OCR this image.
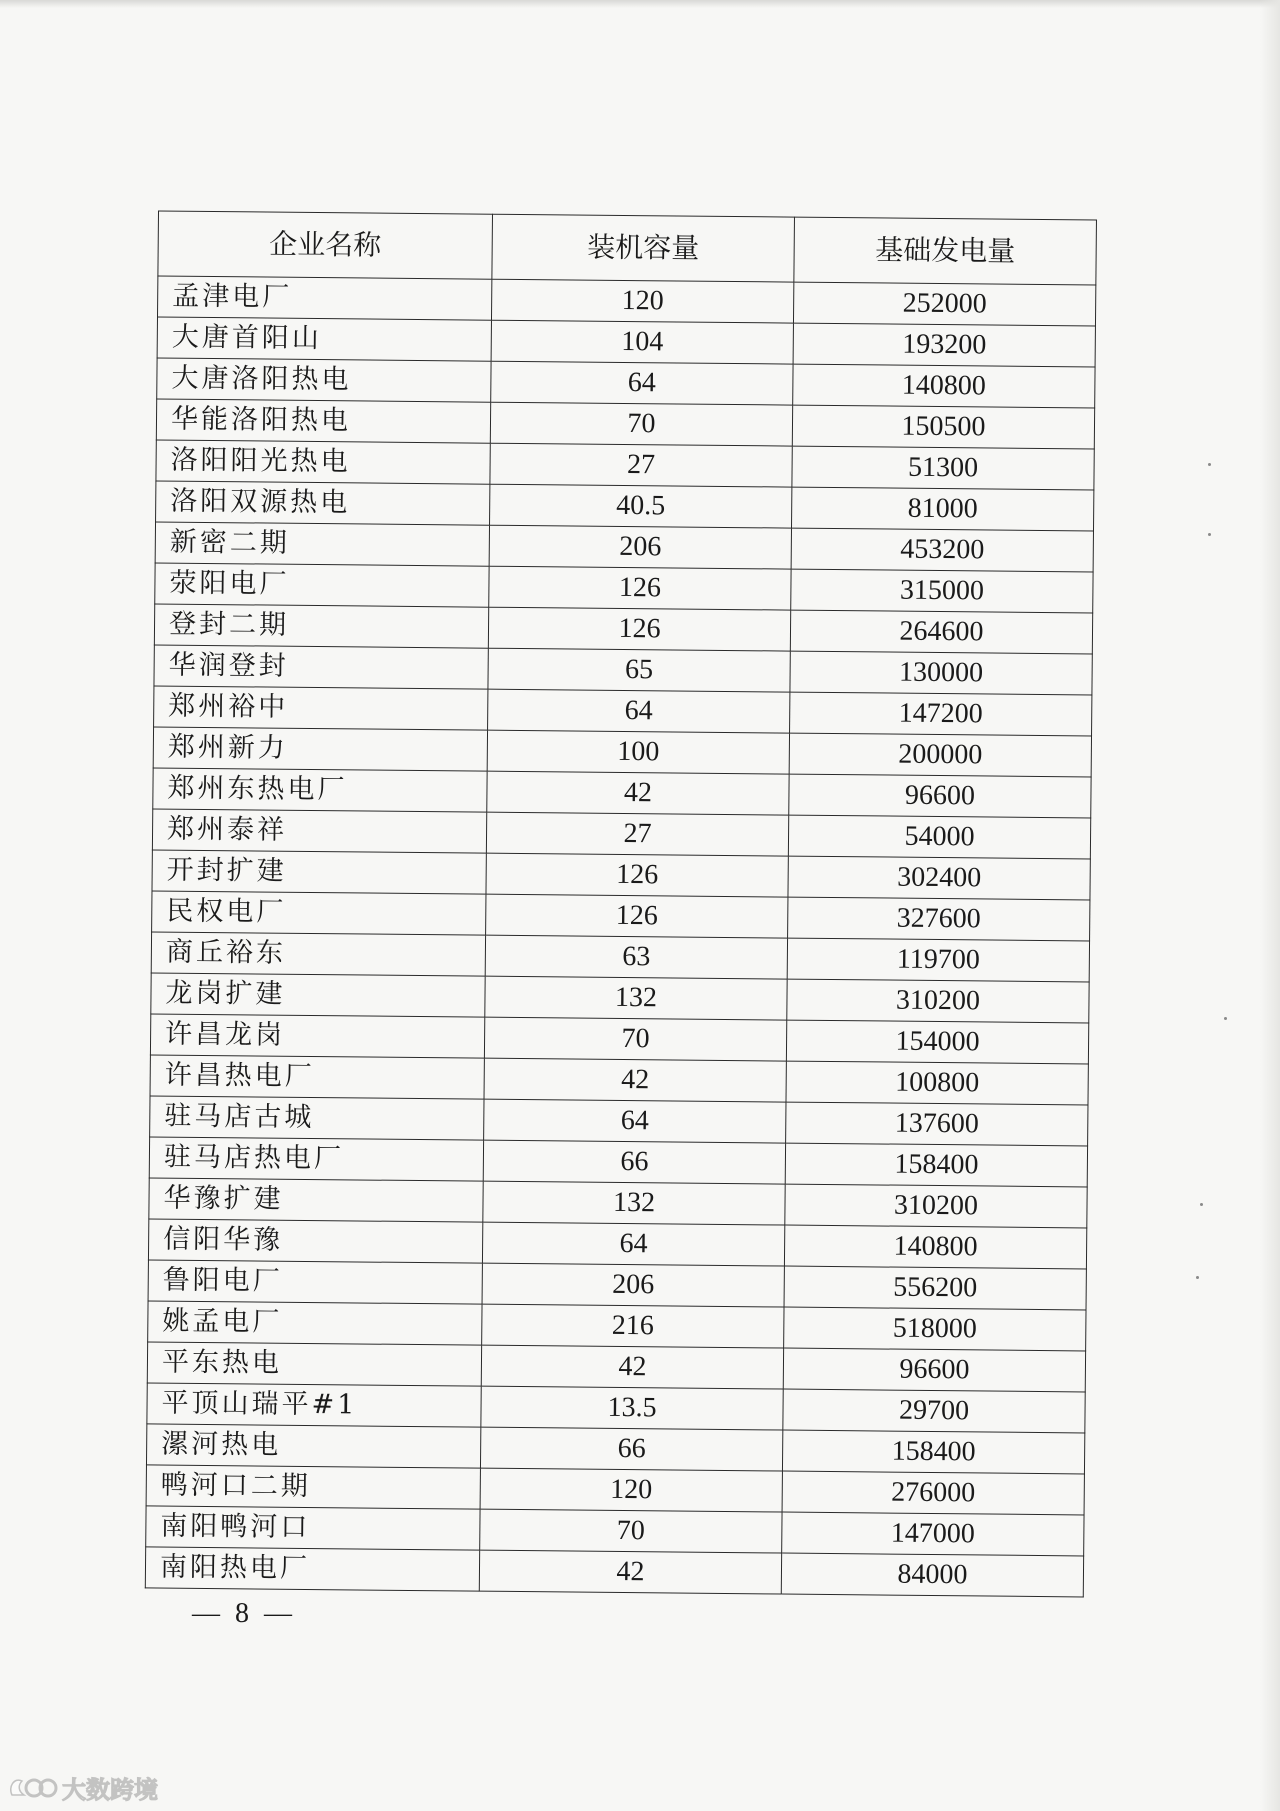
企业名称	装机容量	基础发电量
孟津电厂	120	252000
大唐首阳山	104	193200
大唐洛阳热电	64	140800
华能洛阳热电	70	150500
洛阳阳光热电	27	51300
洛阳双源热电	40.5	81000
新密二期	206	453200
荥阳电厂	126	315000
登封二期	126	264600
华润登封	65	130000
郑州裕中	64	147200
郑州新力	100	200000
郑州东热电厂	42	96600
郑州泰祥	27	54000
开封扩建	126	302400
民权电厂	126	327600
商丘裕东	63	119700
龙岗扩建	132	310200
许昌龙岗	70	154000
许昌热电厂	42	100800
驻马店古城	64	137600
驻马店热电厂	66	158400
华豫扩建	132	310200
信阳华豫	64	140800
鲁阳电厂	206	556200
姚孟电厂	216	518000
平东热电	42	96600
平顶山瑞平#1	13.5	29700
漯河热电	66	158400
鸭河口二期	120	276000
南阳鸭河口	70	147000
南阳热电厂	42	84000
— 8 —
大数跨境
